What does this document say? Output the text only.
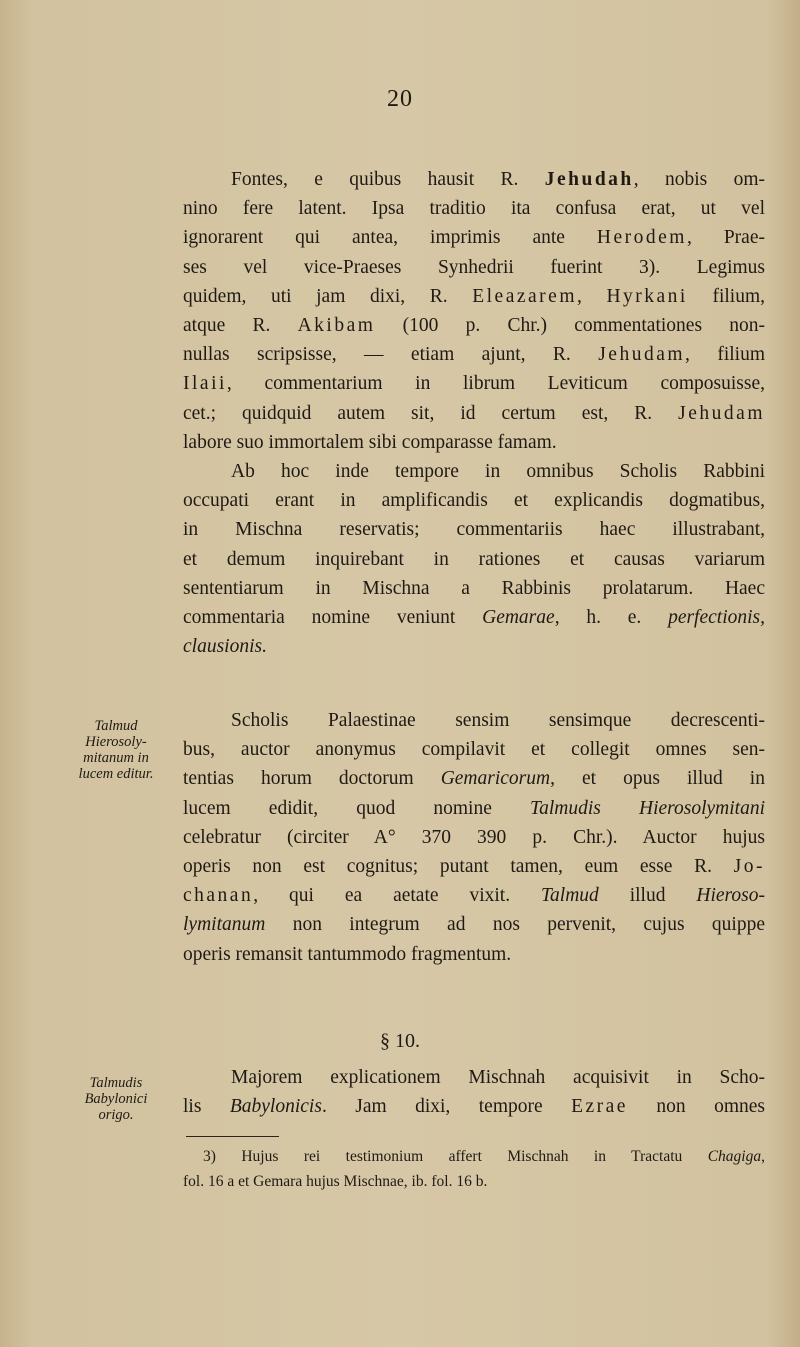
20
Fontes, e quibus hausit R. Jehudah, nobis om-
nino fere latent. Ipsa traditio ita confusa erat, ut vel
ignorarent qui antea, imprimis ante Herodem, Prae-
ses vel vice-Praeses Synhedrii fuerint 3). Legimus
quidem, uti jam dixi, R. Eleazarem, Hyrkani filium,
atque R. Akibam (100 p. Chr.) commentationes non-
nullas scripsisse, — etiam ajunt, R. Jehudam, filium
Ilaii, commentarium in librum Leviticum composuisse,
cet.; quidquid autem sit, id certum est, R. Jehudam
labore suo immortalem sibi comparasse famam.
Ab hoc inde tempore in omnibus Scholis Rabbini
occupati erant in amplificandis et explicandis dogmatibus,
in Mischna reservatis; commentariis haec illustrabant,
et demum inquirebant in rationes et causas variarum
sententiarum in Mischna a Rabbinis prolatarum. Haec
commentaria nomine veniunt Gemarae, h. e. perfectionis,
clausionis.
Talmud
Hierosoly-
mitanum in
lucem editur.
Scholis Palaestinae sensim sensimque decrescenti-
bus, auctor anonymus compilavit et collegit omnes sen-
tentias horum doctorum Gemaricorum, et opus illud in
lucem edidit, quod nomine Talmudis Hierosolymitani
celebratur (circiter A° 370 390 p. Chr.). Auctor hujus
operis non est cognitus; putant tamen, eum esse R. Jo-
chanan, qui ea aetate vixit. Talmud illud Hieroso-
lymitanum non integrum ad nos pervenit, cujus quippe
operis remansit tantummodo fragmentum.
§ 10.
Talmudis
Babylonici
origo.
Majorem explicationem Mischnah acquisivit in Scho-
lis Babylonicis. Jam dixi, tempore Ezrae non omnes
3) Hujus rei testimonium affert Mischnah in Tractatu Chagiga,
fol. 16 a et Gemara hujus Mischnae, ib. fol. 16 b.
